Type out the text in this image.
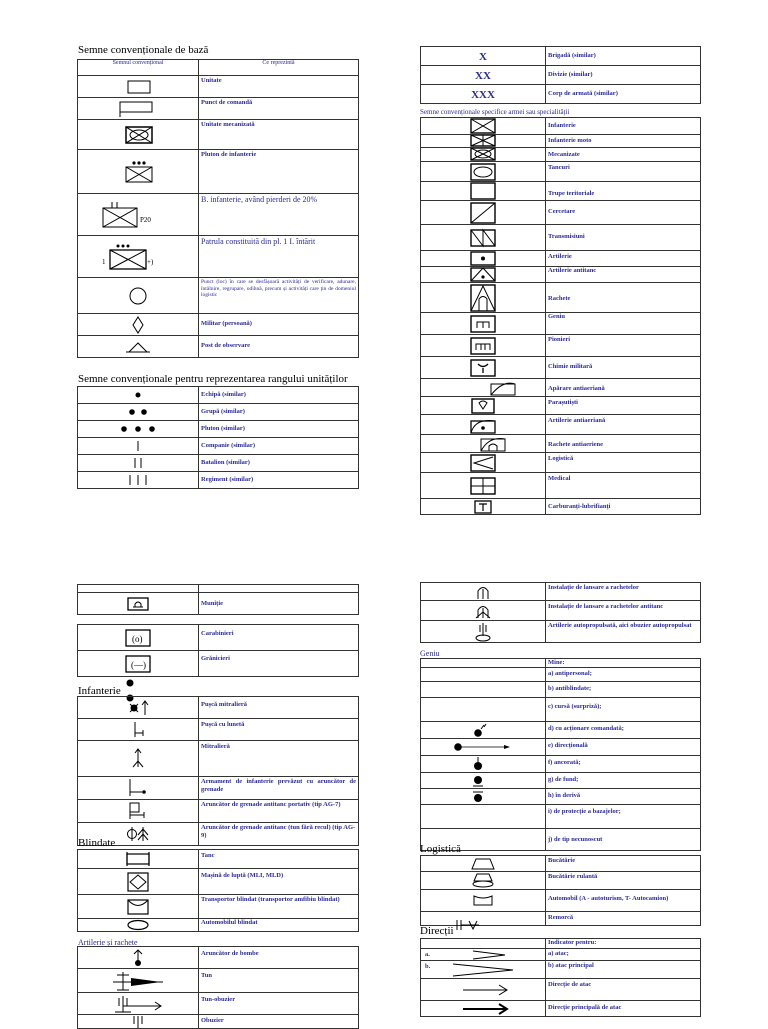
Semne convenționale de bază
Semnul convențional	Ce reprezintă

Unitate

Punct de comandă

Unitate mecanizată

Pluton de infanterie

P20	B. infanterie, având pierderi de 20%

1 +)	Patrula constituită din pl. 1 I. întărit

Punct (loc) în care se desfășoară activități de verificare, adunare, întâlnire, regrupare, odihnă, precum și activități care țin de domeniul logistic

Militar (persoană)

Post de observare
Semne convenționale pentru reprezentarea rangului unităților

Echipă (similar)

Grupă (similar)

Pluton (similar)

Companie (similar)

Batalion (similar)

Regiment (similar)
X	Brigadă (similar)

XX	Divizie (similar)

XXX	Corp de armată (similar)
Semne convenționale specifice armei sau specialității

Infanterie

Infanterie moto

Mecanizate

Tancuri

Trupe teritoriale

Cercetare

Transmisiuni

Artilerie

Artilerie antitanc

Rachete

Geniu

Pionieri

Chimie militară

Apărare antiaeriană

Parașutiști

Artilerie antiaeriană

Rachete antiaeriene

Logistică

Medical

Carburanți-lubrifianți

Muniție
(o)	Carabinieri

(—)	Grănicieri
Infanterie

Pușcă mitralieră

Pușcă cu lunetă

Mitralieră

Armament de infanterie prevăzut cu aruncător de grenade

Aruncător de grenade antitanc portativ (tip AG-7)

Aruncător de grenade antitanc (tun fără recul) (tip AG-9)
Blindate

Tanc

Mașină de luptă (MLI, MLD)

Transportor blindat (transportor amfibiu blindat)

Automobilul blindat
Artilerie și rachete

Aruncător de bombe

Tun

Tun-obuzier

Obuzier

Instalație de lansare a rachetelor

Instalație de lansare a rachetelor antitanc

Artilerie autopropulsată, aici obuzier autopropulsat
Geniu

	Mine:

	a) antipersonal;

	b) antiblindate;

	c) cursă (surpriză);

d) cu acționare comandată;

e) direcțională

f) ancorată;

g) de fund;

h) în derivă

	i) de protecție a bazajelor;

	j) de tip necunoscut
Logistică

Bucătărie

Bucătărie rulantă

Automobil (A - autoturism, T- Autocamion)

	Remorcă
Direcții

	Indicator pentru:

a.	a) atac;

b.	b) atac principal

Direcție de atac

Direcție principală de atac
